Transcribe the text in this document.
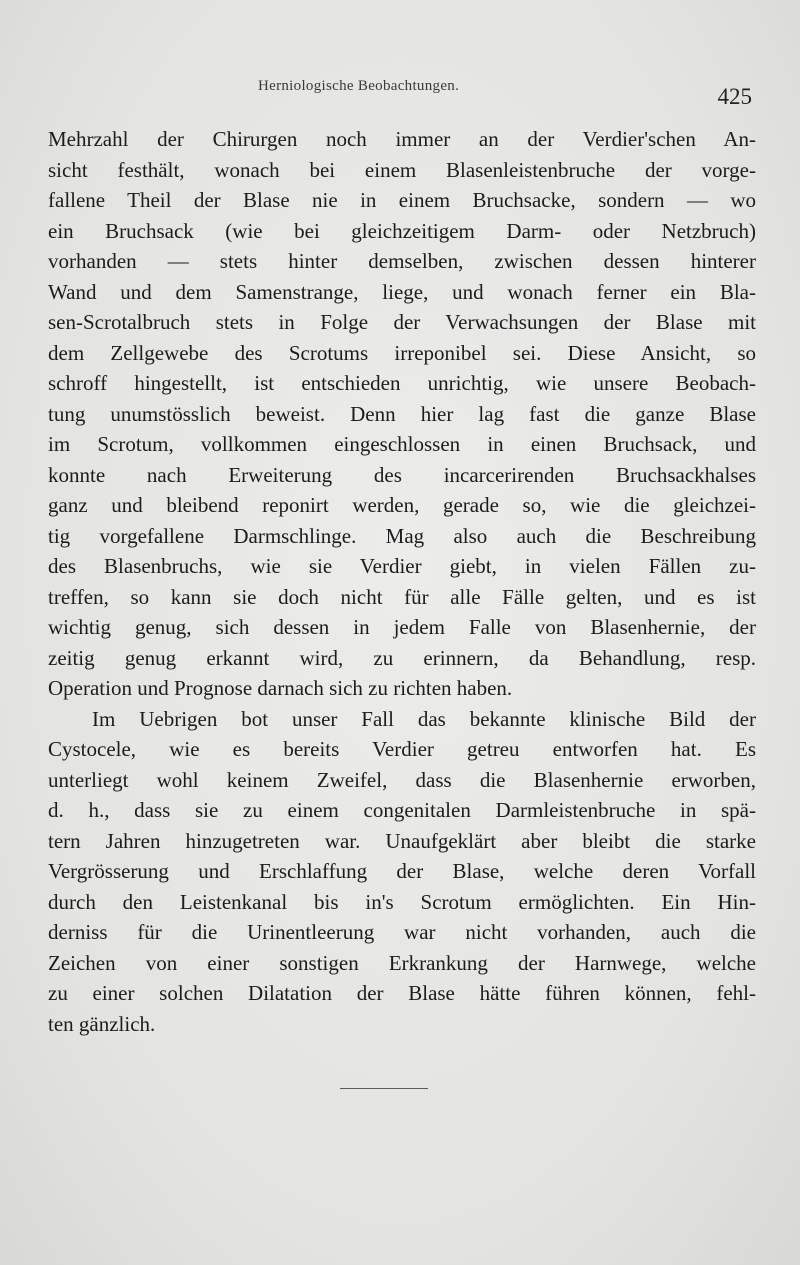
Herniologische Beobachtungen.	425

Mehrzahl der Chirurgen noch immer an der Verdier'schen An-
sicht festhält, wonach bei einem Blasenleistenbruche der vorge-
fallene Theil der Blase nie in einem Bruchsacke, sondern — wo
ein Bruchsack (wie bei gleichzeitigem Darm- oder Netzbruch)
vorhanden — stets hinter demselben, zwischen dessen hinterer
Wand und dem Samenstrange, liege, und wonach ferner ein Bla-
sen-Scrotalbruch stets in Folge der Verwachsungen der Blase mit
dem Zellgewebe des Scrotums irreponibel sei. Diese Ansicht, so
schroff hingestellt, ist entschieden unrichtig, wie unsere Beobach-
tung unumstösslich beweist. Denn hier lag fast die ganze Blase
im Scrotum, vollkommen eingeschlossen in einen Bruchsack, und
konnte nach Erweiterung des incarcerirenden Bruchsackhalses
ganz und bleibend reponirt werden, gerade so, wie die gleichzei-
tig vorgefallene Darmschlinge. Mag also auch die Beschreibung
des Blasenbruchs, wie sie Verdier giebt, in vielen Fällen zu-
treffen, so kann sie doch nicht für alle Fälle gelten, und es ist
wichtig genug, sich dessen in jedem Falle von Blasenhernie, der
zeitig genug erkannt wird, zu erinnern, da Behandlung, resp.
Operation und Prognose darnach sich zu richten haben.

Im Uebrigen bot unser Fall das bekannte klinische Bild der
Cystocele, wie es bereits Verdier getreu entworfen hat. Es
unterliegt wohl keinem Zweifel, dass die Blasenhernie erworben,
d. h., dass sie zu einem congenitalen Darmleistenbruche in spä-
tern Jahren hinzugetreten war. Unaufgeklärt aber bleibt die starke
Vergrösserung und Erschlaffung der Blase, welche deren Vorfall
durch den Leistenkanal bis in's Scrotum ermöglichten. Ein Hin-
derniss für die Urinentleerung war nicht vorhanden, auch die
Zeichen von einer sonstigen Erkrankung der Harnwege, welche
zu einer solchen Dilatation der Blase hätte führen können, fehl-
ten gänzlich.
